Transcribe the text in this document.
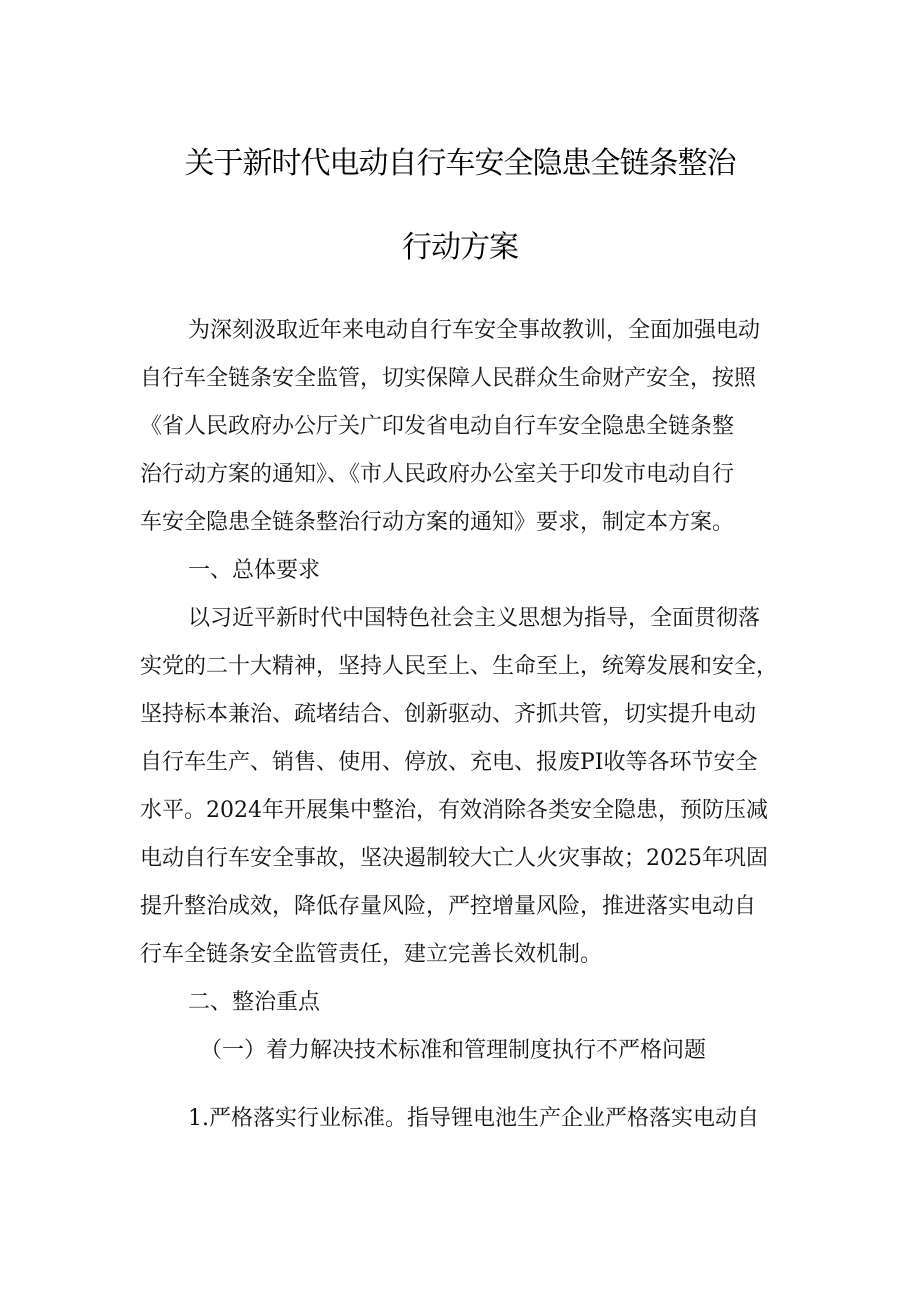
关于新时代电动自行车安全隐患全链条整治
行动方案
为深刻汲取近年来电动自行车安全事故教训，全面加强电动
自行车全链条安全监管，切实保障人民群众生命财产安全，按照
《省人民政府办公厅关广印发省电动自行车安全隐患全链条整
治行动方案的通知》、《市人民政府办公室关于印发市电动自行
车安全隐患全链条整治行动方案的通知》要求，制定本方案。
一、总体要求
以习近平新时代中国特色社会主义思想为指导，全面贯彻落
实党的二十大精神，坚持人民至上、生命至上，统筹发展和安全，
坚持标本兼治、疏堵结合、创新驱动、齐抓共管，切实提升电动
自行车生产、销售、使用、停放、充电、报废PI收等各环节安全
水平。2024年开展集中整治，有效消除各类安全隐患，预防压减
电动自行车安全事故，坚决遏制较大亡人火灾事故；2025年巩固
提升整治成效，降低存量风险，严控增量风险，推进落实电动自
行车全链条安全监管责任，建立完善长效机制。
二、整治重点
（一）着力解决技术标准和管理制度执行不严格问题
1.严格落实行业标准。指导锂电池生产企业严格落实电动自
